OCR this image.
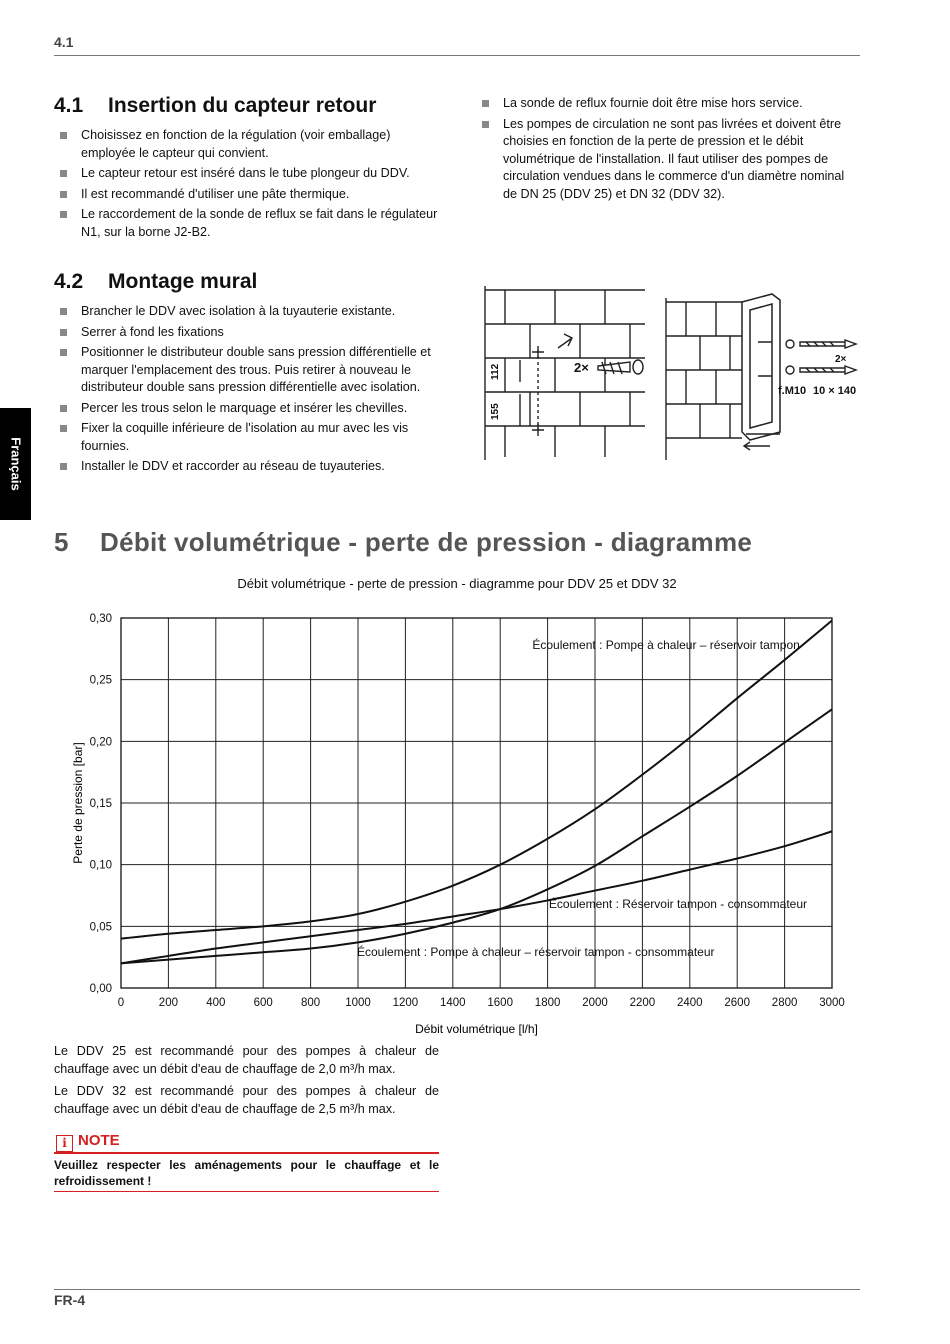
4.1
Français
4.1 Insertion du capteur retour
Choisissez en fonction de la régulation (voir emballage) employée le capteur qui convient.
Le capteur retour est inséré dans le tube plongeur du DDV.
Il est recommandé d'utiliser une pâte thermique.
Le raccordement de la sonde de reflux se fait dans le régulateur N1, sur la borne J2-B2.
La sonde de reflux fournie doit être mise hors service.
Les pompes de circulation ne sont pas livrées et doivent être choisies en fonction de la perte de pression et le débit volumétrique de l'installation. Il faut utiliser des pompes de circulation vendues dans le commerce d'un diamètre nominal de DN 25 (DDV 25) et DN 32 (DDV 32).
4.2 Montage mural
Brancher le DDV avec isolation à la tuyauterie existante.
Serrer à fond les fixations
Positionner le distributeur double sans pression différentielle et marquer l'emplacement des trous. Puis retirer à nouveau le distributeur double sans pression différentielle avec isolation.
Percer les trous selon le marquage et insérer les chevilles.
Fixer la coquille inférieure de l'isolation au mur avec les vis fournies.
Installer le DDV et raccorder au réseau de tuyauteries.
112
155
2×
2×
f.M10 10 × 140
5 Débit volumétrique - perte de pression - diagramme
Débit volumétrique - perte de pression - diagramme pour DDV 25 et DDV 32
0	200 400 600 800 1000 1200 1400 1600 1800 2000 2200 2400 2600 2800 3000
0,00
0,05
0,10
0,15
0,20
0,25
0,30
Écoulement : Pompe à chaleur – réservoir tampon
Écoulement : Réservoir tampon - consommateur
Écoulement : Pompe à chaleur – réservoir tampon - consommateur
Débit volumétrique [l/h]
Perte de pression [bar]
Le DDV 25 est recommandé pour des pompes à chaleur de chauffage avec un débit d'eau de chauffage de 2,0 m³/h max.
Le DDV 32 est recommandé pour des pompes à chaleur de chauffage avec un débit d'eau de chauffage de 2,5 m³/h max.
i NOTE
Veuillez respecter les aménagements pour le chauffage et le refroidissement !
FR-4
